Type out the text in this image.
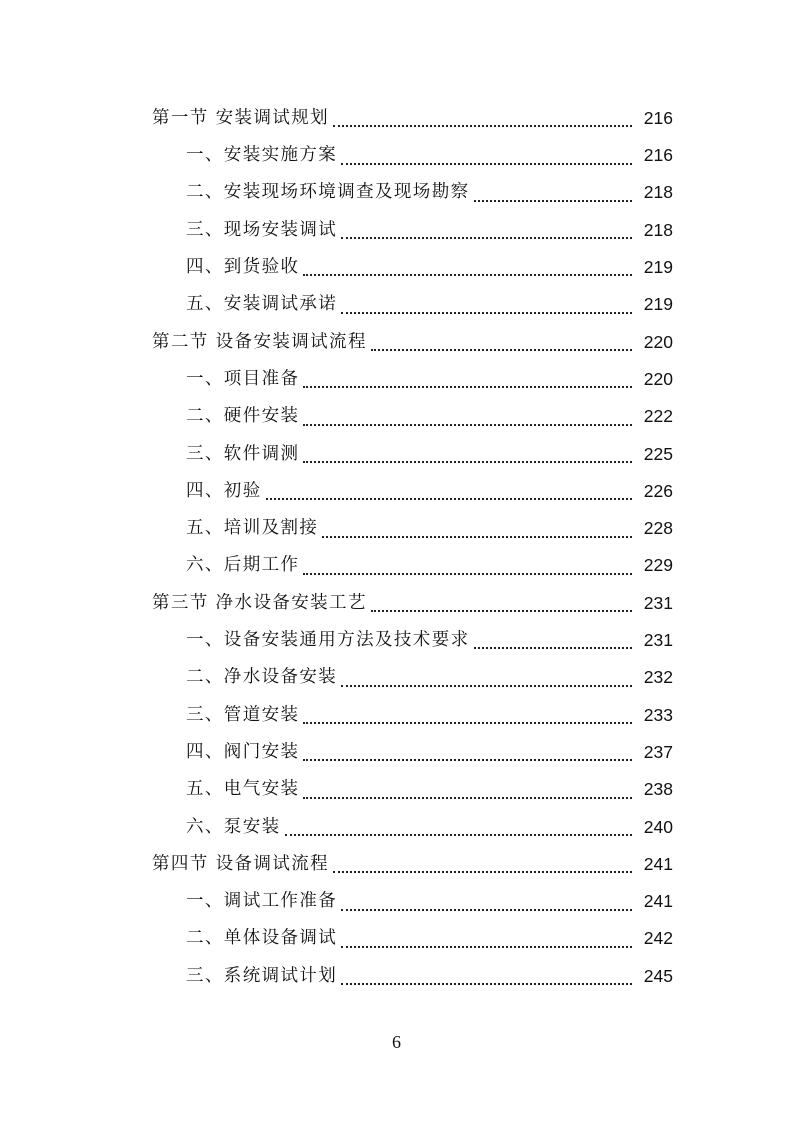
第一节 安装调试规划	216
一、安装实施方案	216
二、安装现场环境调查及现场勘察	218
三、现场安装调试	218
四、到货验收	219
五、安装调试承诺	219
第二节 设备安装调试流程	220
一、项目准备	220
二、硬件安装	222
三、软件调测	225
四、初验	226
五、培训及割接	228
六、后期工作	229
第三节 净水设备安装工艺	231
一、设备安装通用方法及技术要求	231
二、净水设备安装	232
三、管道安装	233
四、阀门安装	237
五、电气安装	238
六、泵安装	240
第四节 设备调试流程	241
一、调试工作准备	241
二、单体设备调试	242
三、系统调试计划	245
6
